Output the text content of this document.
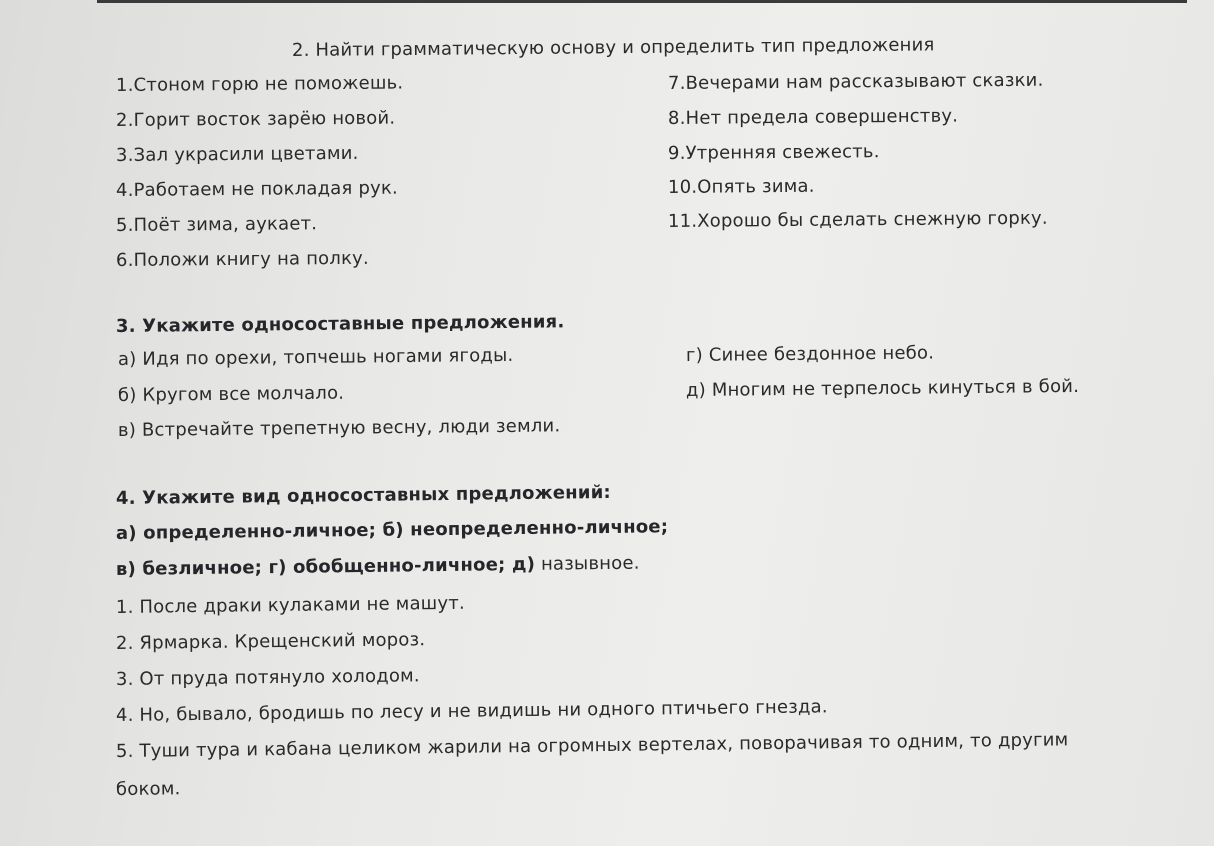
2. Найти грамматическую основу и определить тип предложения
1.Стоном горю не поможешь.
2.Горит восток зарёю новой.
3.Зал украсили цветами.
4.Работаем не покладая рук.
5.Поёт зима, аукает.
6.Положи книгу на полку.
7.Вечерами нам рассказывают сказки.
8.Нет предела совершенству.
9.Утренняя свежесть.
10.Опять зима.
11.Хорошо бы сделать снежную горку.
3. Укажите односоставные предложения.
а) Идя по орехи, топчешь ногами ягоды.
б) Кругом все молчало.
в) Встречайте трепетную весну, люди земли.
г) Синее бездонное небо.
д) Многим не терпелось кинуться в бой.
4. Укажите вид односоставных предложений:
а) определенно-личное; б) неопределенно-личное;
в) безличное; г) обобщенно-личное; д) назывное.
1. После драки кулаками не машут.
2. Ярмарка. Крещенский мороз.
3. От пруда потянуло холодом.
4. Но, бывало, бродишь по лесу и не видишь ни одного птичьего гнезда.
5. Туши тура и кабана целиком жарили на огромных вертелах, поворачивая то одним, то другим
боком.
